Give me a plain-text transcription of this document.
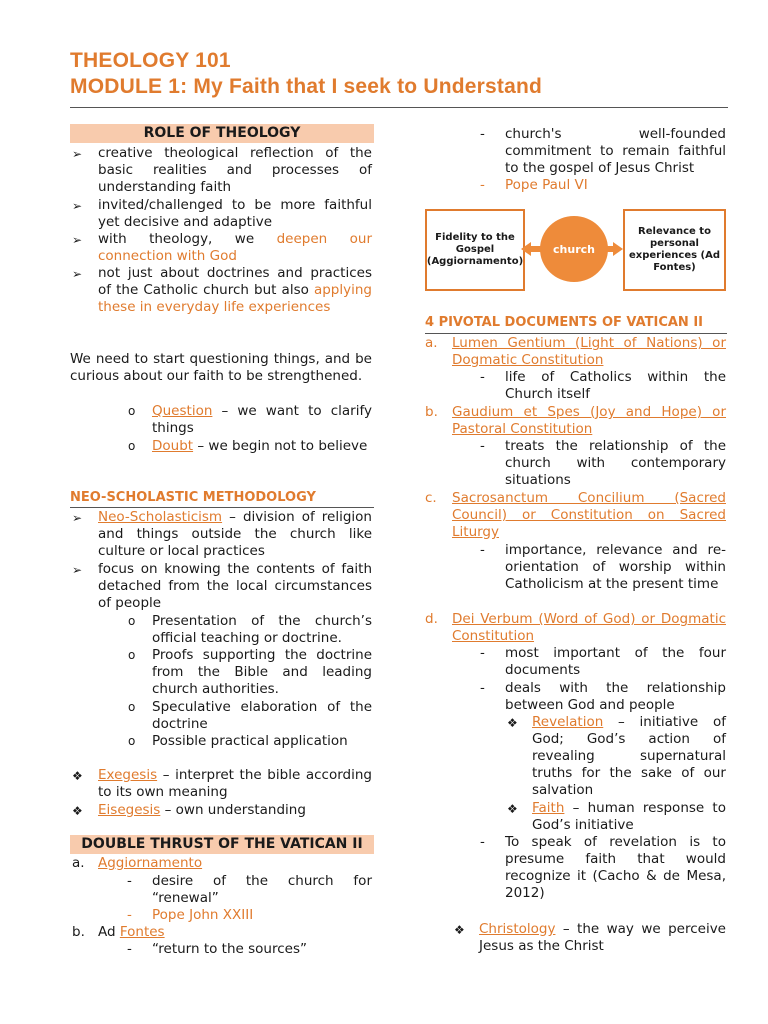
THEOLOGY 101
MODULE 1: My Faith that I seek to Understand
ROLE OF THEOLOGY
➢ creative theological reflection of the basic realities and processes of understanding faith
➢ invited/challenged to be more faithful yet decisive and adaptive
➢ with theology, we deepen our connection with God
➢ not just about doctrines and practices of the Catholic church but also applying these in everyday life experiences
We need to start questioning things, and be curious about our faith to be strengthened.
o Question – we want to clarify things
o Doubt – we begin not to believe
NEO-SCHOLASTIC METHODOLOGY
➢ Neo-Scholasticism – division of religion and things outside the church like culture or local practices
➢ focus on knowing the contents of faith detached from the local circumstances of people
o Presentation of the church’s official teaching or doctrine.
o Proofs supporting the doctrine from the Bible and leading church authorities.
o Speculative elaboration of the doctrine
o Possible practical application
❖ Exegesis – interpret the bible according to its own meaning
❖ Eisegesis – own understanding
DOUBLE THRUST OF THE VATICAN II
a. Aggiornamento
- desire of the church for “renewal”
- Pope John XXIII
b. Ad Fontes
- “return to the sources”
- church's well-founded commitment to remain faithful to the gospel of Jesus Christ
- Pope Paul VI
Fidelity to the Gospel (Aggiornamento)
Relevance to personal experiences (Ad Fontes)
church
4 PIVOTAL DOCUMENTS OF VATICAN II
a. Lumen Gentium (Light of Nations) or Dogmatic Constitution
- life of Catholics within the Church itself
b. Gaudium et Spes (Joy and Hope) or Pastoral Constitution
- treats the relationship of the church with contemporary situations
c. Sacrosanctum Concilium (Sacred Council) or Constitution on Sacred Liturgy
- importance, relevance and re-orientation of worship within Catholicism at the present time
d. Dei Verbum (Word of God) or Dogmatic Constitution
- most important of the four documents
- deals with the relationship between God and people
❖ Revelation – initiative of God; God’s action of revealing supernatural truths for the sake of our salvation
❖ Faith – human response to God’s initiative
- To speak of revelation is to presume faith that would recognize it (Cacho & de Mesa, 2012)
❖ Christology – the way we perceive Jesus as the Christ
